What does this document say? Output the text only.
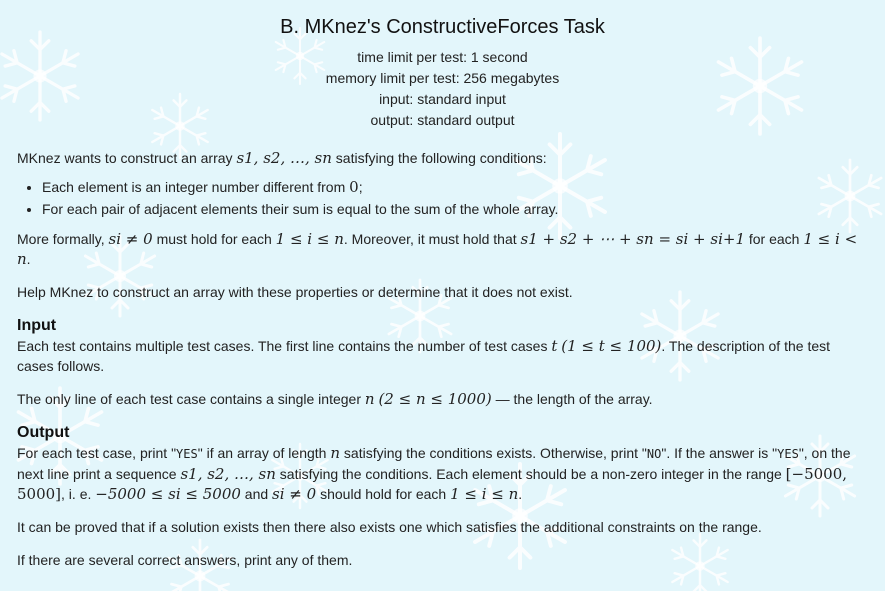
B. MKnez's ConstructiveForces Task
time limit per test: 1 second
memory limit per test: 256 megabytes
input: standard input
output: standard output

MKnez wants to construct an array s1, s2, …, sn satisfying the following conditions:

• Each element is an integer number different from 0;
• For each pair of adjacent elements their sum is equal to the sum of the whole array.

More formally, si ≠ 0 must hold for each 1 ≤ i ≤ n. Moreover, it must hold that s1 + s2 + ⋯ + sn = si + si+1 for each 1 ≤ i < n.

Help MKnez to construct an array with these properties or determine that it does not exist.

Input

Each test contains multiple test cases. The first line contains the number of test cases t (1 ≤ t ≤ 100). The description of the test cases follows.

The only line of each test case contains a single integer n (2 ≤ n ≤ 1000) — the length of the array.

Output

For each test case, print "YES" if an array of length n satisfying the conditions exists. Otherwise, print "NO". If the answer is "YES", on the next line print a sequence s1, s2, …, sn satisfying the conditions. Each element should be a non-zero integer in the range [−5000, 5000], i. e. −5000 ≤ si ≤ 5000 and si ≠ 0 should hold for each 1 ≤ i ≤ n.

It can be proved that if a solution exists then there also exists one which satisfies the additional constraints on the range.

If there are several correct answers, print any of them.
